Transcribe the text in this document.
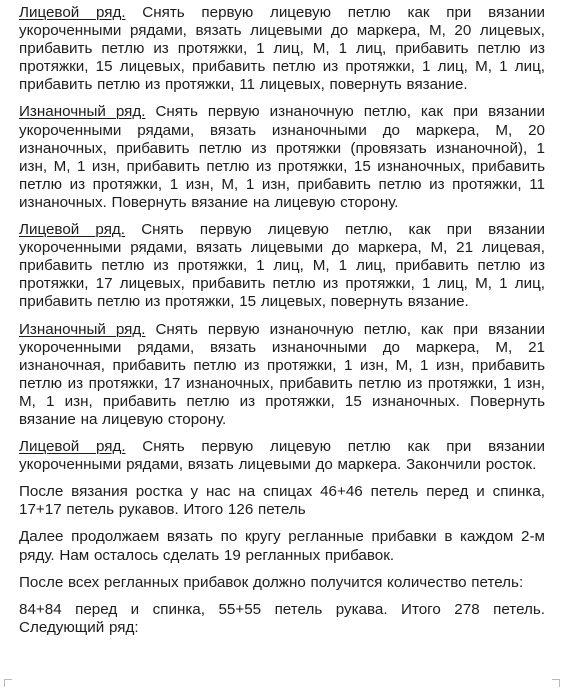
Лицевой ряд. Снять первую лицевую петлю как при вязании укороченными рядами, вязать лицевыми до маркера, М, 20 лицевых, прибавить петлю из протяжки, 1 лиц, М, 1 лиц, прибавить петлю из протяжки, 15 лицевых, прибавить петлю из протяжки, 1 лиц, М, 1 лиц, прибавить петлю из протяжки, 11 лицевых, повернуть вязание.

Изнаночный ряд. Снять первую изнаночную петлю, как при вязании укороченными рядами, вязать изнаночными до маркера, М, 20 изнаночных, прибавить петлю из протяжки (провязать изнаночной), 1 изн, М, 1 изн, прибавить петлю из протяжки, 15 изнаночных, прибавить петлю из протяжки, 1 изн, М, 1 изн, прибавить петлю из протяжки, 11 изнаночных. Повернуть вязание на лицевую сторону.

Лицевой ряд. Снять первую лицевую петлю, как при вязании укороченными рядами, вязать лицевыми до маркера, М, 21 лицевая, прибавить петлю из протяжки, 1 лиц, М, 1 лиц, прибавить петлю из протяжки, 17 лицевых, прибавить петлю из протяжки, 1 лиц, М, 1 лиц, прибавить петлю из протяжки, 15 лицевых, повернуть вязание.

Изнаночный ряд. Снять первую изнаночную петлю, как при вязании укороченными рядами, вязать изнаночными до маркера, М, 21 изнаночная, прибавить петлю из протяжки, 1 изн, М, 1 изн, прибавить петлю из протяжки, 17 изнаночных, прибавить петлю из протяжки, 1 изн, М, 1 изн, прибавить петлю из протяжки, 15 изнаночных. Повернуть вязание на лицевую сторону.

Лицевой ряд. Снять первую лицевую петлю как при вязании укороченными рядами, вязать лицевыми до маркера. Закончили росток.

После вязания ростка у нас на спицах 46+46 петель перед и спинка, 17+17 петель рукавов. Итого 126 петель

Далее продолжаем вязать по кругу регланные прибавки в каждом 2-м ряду. Нам осталось сделать 19 регланных прибавок.

После всех регланных прибавок должно получится количество петель:

84+84 перед и спинка, 55+55 петель рукава. Итого 278 петель. Следующий ряд:
